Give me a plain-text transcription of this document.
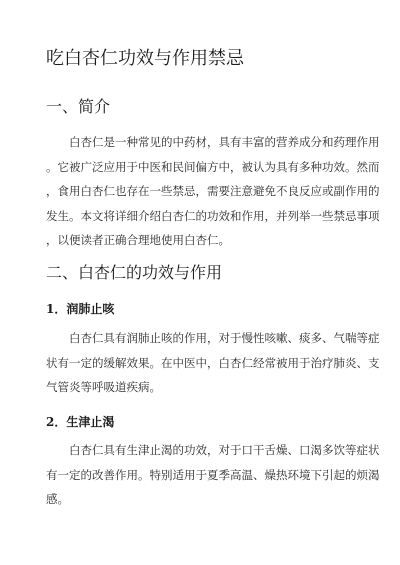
吃白杏仁功效与作用禁忌
一、简介
白杏仁是一种常见的中药材，具有丰富的营养成分和药理作用
。它被广泛应用于中医和民间偏方中，被认为具有多种功效。然而
，食用白杏仁也存在一些禁忌，需要注意避免不良反应或副作用的
发生。本文将详细介绍白杏仁的功效和作用，并列举一些禁忌事项
，以便读者正确合理地使用白杏仁。
二、白杏仁的功效与作用
1．润肺止咳
白杏仁具有润肺止咳的作用，对于慢性咳嗽、痰多、气喘等症
状有一定的缓解效果。在中医中，白杏仁经常被用于治疗肺炎、支
气管炎等呼吸道疾病。
2．生津止渴
白杏仁具有生津止渴的功效，对于口干舌燥、口渴多饮等症状
有一定的改善作用。特别适用于夏季高温、燥热环境下引起的烦渴
感。
